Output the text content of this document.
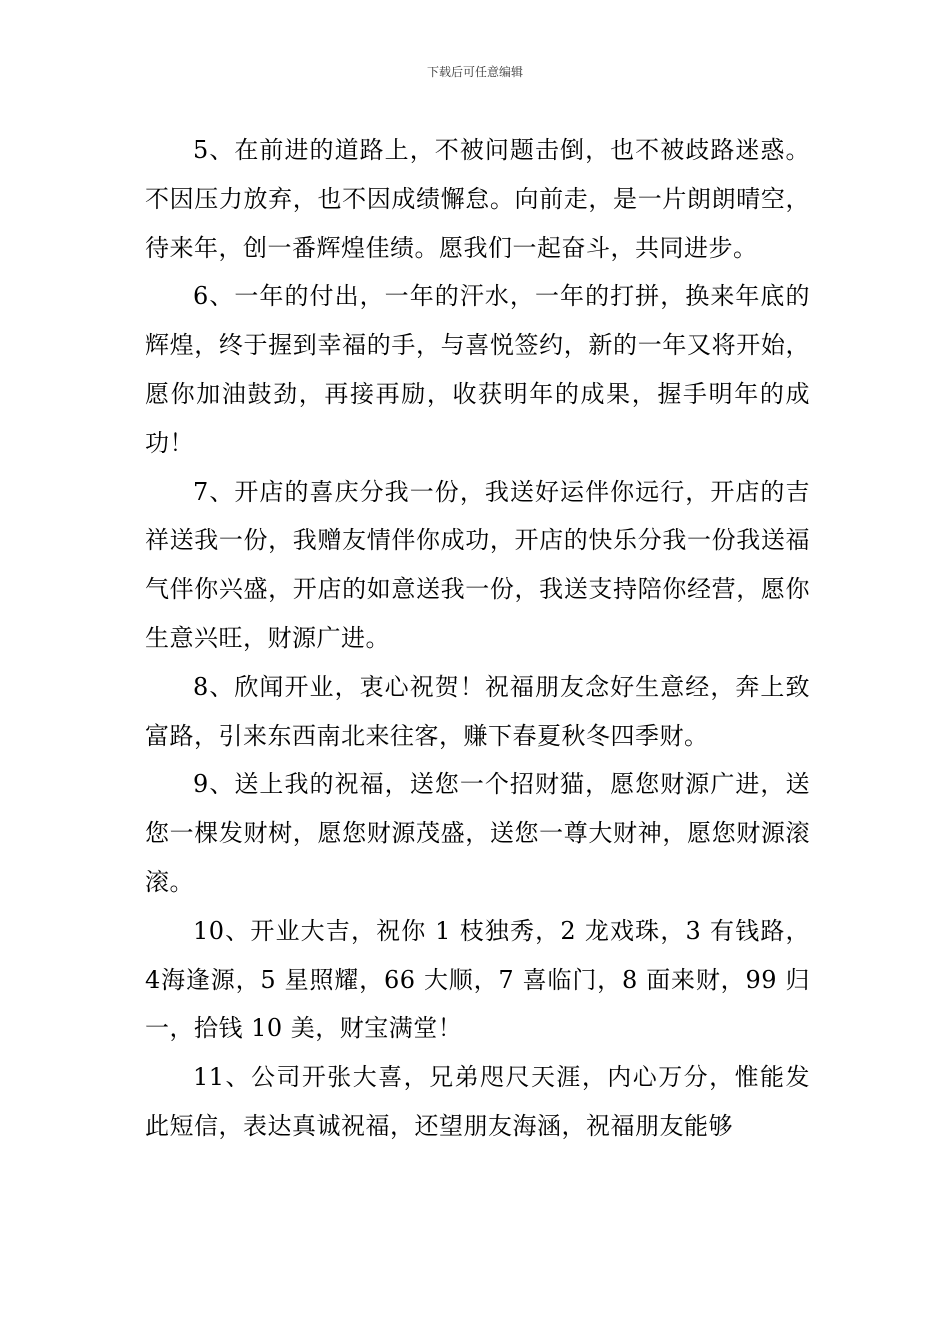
下载后可任意编辑

5、在前进的道路上，不被问题击倒，也不被歧路迷惑。不因压力放弃，也不因成绩懈怠。向前走，是一片朗朗晴空，待来年，创一番辉煌佳绩。愿我们一起奋斗，共同进步。

6、一年的付出，一年的汗水，一年的打拼，换来年底的辉煌，终于握到幸福的手，与喜悦签约，新的一年又将开始，愿你加油鼓劲，再接再励，收获明年的成果，握手明年的成功！

7、开店的喜庆分我一份，我送好运伴你远行，开店的吉祥送我一份，我赠友情伴你成功，开店的快乐分我一份我送福气伴你兴盛，开店的如意送我一份，我送支持陪你经营，愿你生意兴旺，财源广进。

8、欣闻开业，衷心祝贺！祝福朋友念好生意经，奔上致富路，引来东西南北来往客，赚下春夏秋冬四季财。

9、送上我的祝福，送您一个招财猫，愿您财源广进，送您一棵发财树，愿您财源茂盛，送您一尊大财神，愿您财源滚滚。

10、开业大吉，祝你 1 枝独秀，2 龙戏珠，3 有钱路，4海逢源，5 星照耀，66 大顺，7 喜临门，8 面来财，99 归一，拾钱 10 美，财宝满堂！

11、公司开张大喜，兄弟咫尺天涯，内心万分，惟能发此短信，表达真诚祝福，还望朋友海涵，祝福朋友能够
